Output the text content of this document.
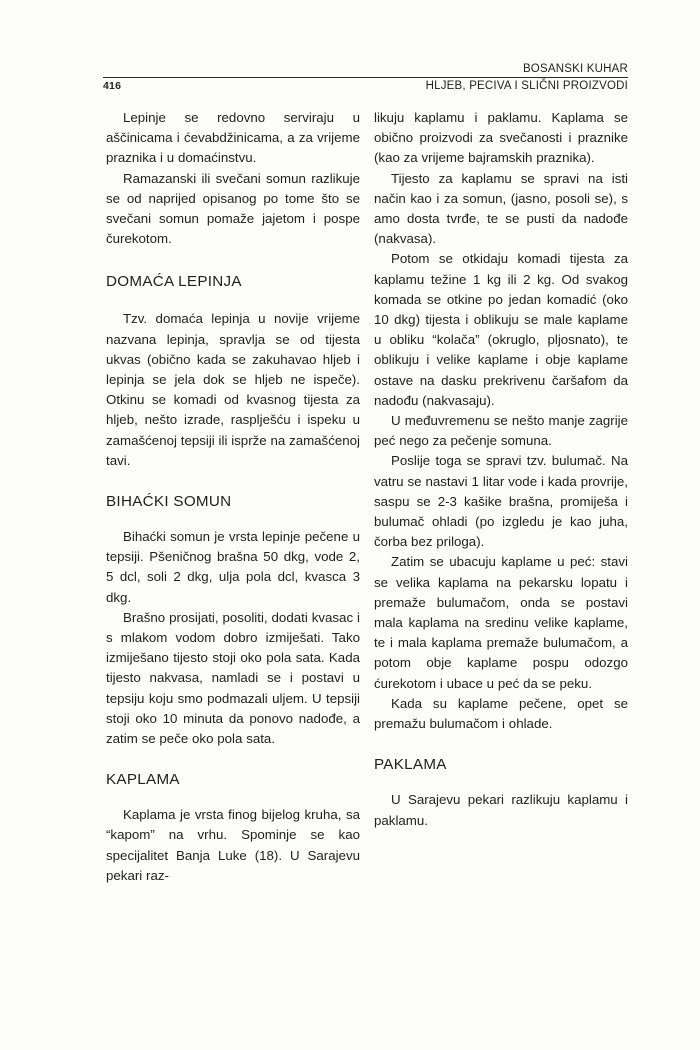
BOSANSKI KUHAR
416	HLJEB, PECIVA I SLIČNI PROIZVODI

Lepinje se redovno serviraju u aščinicama i ćevabdžinicama, a za vrijeme praznika i u domaćinstvu.

Ramazanski ili svečani somun razlikuje se od naprijed opisanog po tome što se svečani somun pomaže jajetom i pospe čurekotom.

DOMAĆA LEPINJA

Tzv. domaća lepinja u novije vrijeme nazvana lepinja, spravlja se od tijesta ukvas (obično kada se zakuhavao hljeb i lepinja se jela dok se hljeb ne ispeče). Otkinu se komadi od kvasnog tijesta za hljeb, nešto izrade, rasplješću i ispeku u zamašćenoj tepsiji ili isprže na zamašćenoj tavi.

BIHAĆKI SOMUN

Bihaćki somun je vrsta lepinje pečene u tepsiji. Pšeničnog brašna 50 dkg, vode 2, 5 dcl, soli 2 dkg, ulja pola dcl, kvasca 3 dkg.

Brašno prosijati, posoliti, dodati kvasac i s mlakom vodom dobro izmiješati. Tako izmiješano tijesto stoji oko pola sata. Kada tijesto nakvasa, namladi se i postavi u tepsiju koju smo podmazali uljem. U tepsiji stoji oko 10 minuta da ponovo nadođe, a zatim se peče oko pola sata.

KAPLAMA

Kaplama je vrsta finog bijelog kruha, sa “kapom” na vrhu. Spominje se kao specijalitet Banja Luke (18). U Sarajevu pekari raz-

likuju kaplamu i paklamu. Kaplama se obično proizvodi za svečanosti i praznike (kao za vrijeme bajramskih praznika).

Tijesto za kaplamu se spravi na isti način kao i za somun, (jasno, posoli se), s amo dosta tvrđe, te se pusti da nadođe (nakvasa).

Potom se otkidaju komadi tijesta za kaplamu težine 1 kg ili 2 kg. Od svakog komada se otkine po jedan komadić (oko 10 dkg) tijesta i oblikuju se male kaplame u obliku “kolača” (okruglo, pljosnato), te oblikuju i velike kaplame i obje kaplame ostave na dasku prekrivenu čaršafom da nadođu (nakvasaju).

U međuvremenu se nešto manje zagrije peć nego za pečenje somuna.

Poslije toga se spravi tzv. bulumač. Na vatru se nastavi 1 litar vode i kada provrije, saspu se 2-3 kašike brašna, promiješa i bulumač ohladi (po izgledu je kao juha, čorba bez priloga).

Zatim se ubacuju kaplame u peć: stavi se velika kaplama na pekarsku lopatu i premaže bulumačom, onda se postavi mala kaplama na sredinu velike kaplame, te i mala kaplama premaže bulumačom, a potom obje kaplame pospu odozgo ćurekotom i ubace u peć da se peku.

Kada su kaplame pečene, opet se premažu bulumačom i ohlade.

PAKLAMA

U Sarajevu pekari razlikuju kaplamu i paklamu.
